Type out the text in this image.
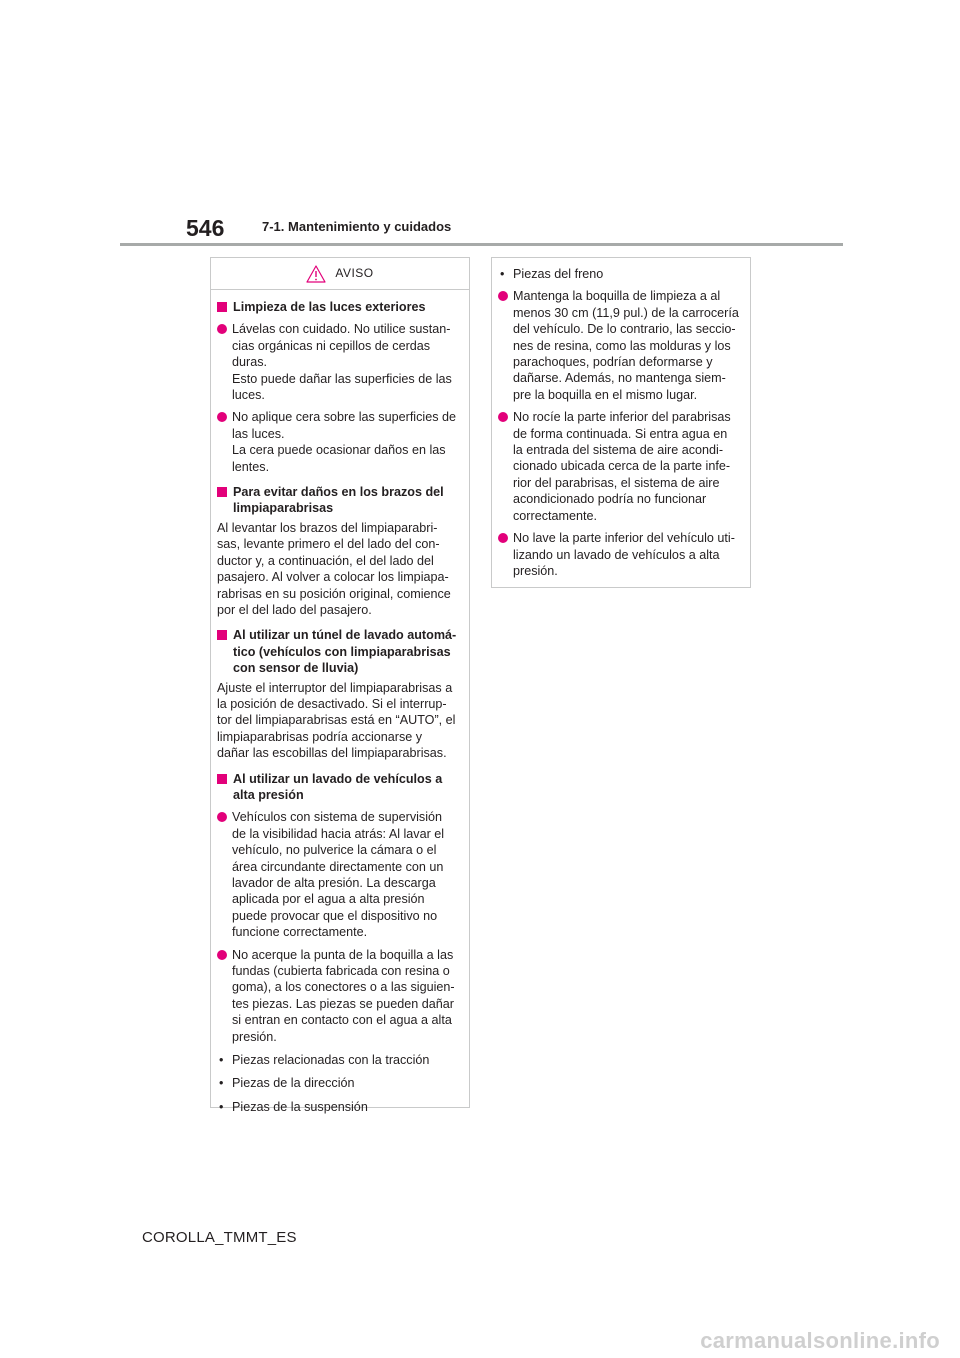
546	7-1. Mantenimiento y cuidados
AVISO
Limpieza de las luces exteriores
Lávelas con cuidado. No utilice sustan-
cias orgánicas ni cepillos de cerdas
duras.
Esto puede dañar las superficies de las
luces.
No aplique cera sobre las superficies de
las luces.
La cera puede ocasionar daños en las
lentes.
Para evitar daños en los brazos del
limpiaparabrisas
Al levantar los brazos del limpiaparabri-
sas, levante primero el del lado del con-
ductor y, a continuación, el del lado del
pasajero. Al volver a colocar los limpiapa-
rabrisas en su posición original, comience
por el del lado del pasajero.
Al utilizar un túnel de lavado automá-
tico (vehículos con limpiaparabrisas
con sensor de lluvia)
Ajuste el interruptor del limpiaparabrisas a
la posición de desactivado. Si el interrup-
tor del limpiaparabrisas está en “AUTO”, el
limpiaparabrisas podría accionarse y
dañar las escobillas del limpiaparabrisas.
Al utilizar un lavado de vehículos a
alta presión
Vehículos con sistema de supervisión
de la visibilidad hacia atrás: Al lavar el
vehículo, no pulverice la cámara o el
área circundante directamente con un
lavador de alta presión. La descarga
aplicada por el agua a alta presión
puede provocar que el dispositivo no
funcione correctamente.
No acerque la punta de la boquilla a las
fundas (cubierta fabricada con resina o
goma), a los conectores o a las siguien-
tes piezas. Las piezas se pueden dañar
si entran en contacto con el agua a alta
presión.
• Piezas relacionadas con la tracción
• Piezas de la dirección
• Piezas de la suspensión
• Piezas del freno
Mantenga la boquilla de limpieza a al
menos 30 cm (11,9 pul.) de la carrocería
del vehículo. De lo contrario, las seccio-
nes de resina, como las molduras y los
parachoques, podrían deformarse y
dañarse. Además, no mantenga siem-
pre la boquilla en el mismo lugar.
No rocíe la parte inferior del parabrisas
de forma continuada. Si entra agua en
la entrada del sistema de aire acondi-
cionado ubicada cerca de la parte infe-
rior del parabrisas, el sistema de aire
acondicionado podría no funcionar
correctamente.
No lave la parte inferior del vehículo uti-
lizando un lavado de vehículos a alta
presión.
COROLLA_TMMT_ES
carmanualsonline.info
